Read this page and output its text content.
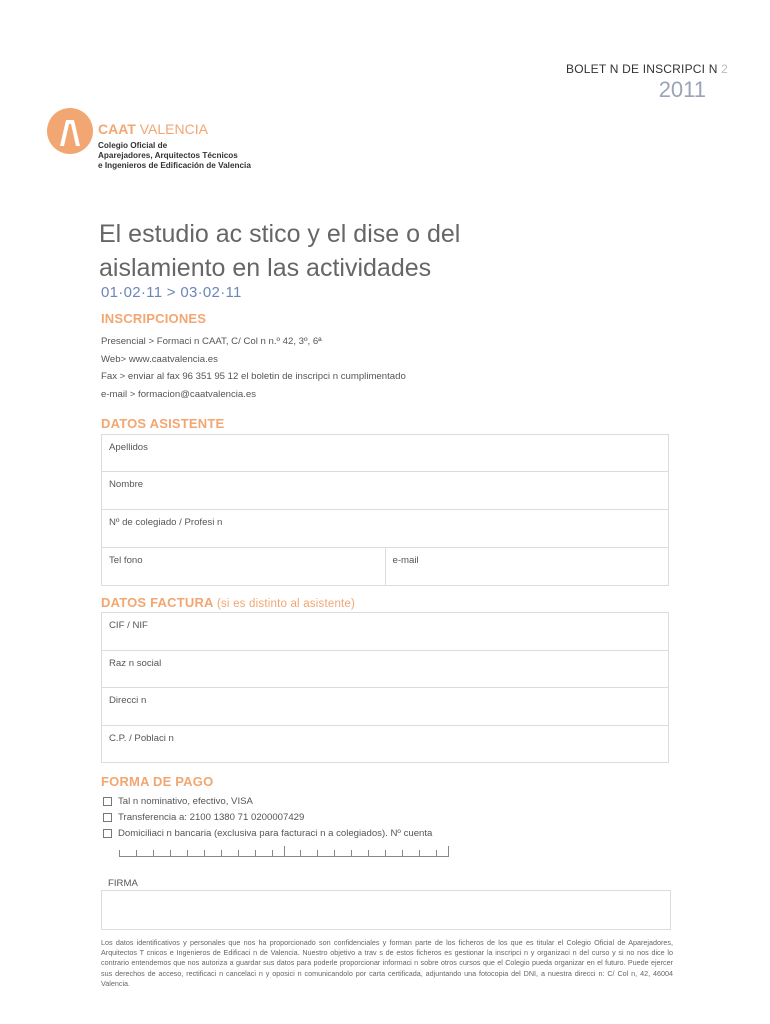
BOLET N DE INSCRIPCI N 2
2011
CAAT VALENCIA
Colegio Oficial de
Aparejadores, Arquitectos Técnicos
e Ingenieros de Edificación de Valencia
El estudio ac stico y el dise o del
aislamiento en las actividades
01·02·11 > 03·02·11
INSCRIPCIONES
Presencial > Formaci n CAAT, C/ Col n n.º 42, 3º, 6ª
Web> www.caatvalencia.es
Fax > enviar al fax 96 351 95 12 el boletin de inscripci n cumplimentado
e-mail > formacion@caatvalencia.es
DATOS ASISTENTE
Apellidos
Nombre
Nº de colegiado / Profesi n
Tel fono	e-mail
DATOS FACTURA (si es distinto al asistente)
CIF / NIF
Raz n social
Direcci n
C.P. / Poblaci n
FORMA DE PAGO
Tal n nominativo, efectivo, VISA
Transferencia a: 2100 1380 71 0200007429
Domiciliaci n bancaria (exclusiva para facturaci n a colegiados). Nº cuenta
FIRMA
Los datos identificativos y personales que nos ha proporcionado son confidenciales y forman parte de los ficheros de los que es titular el Colegio Oficial de Aparejadores, Arquitectos T cnicos e Ingenieros de Edificaci n de Valencia. Nuestro objetivo a trav s de estos ficheros es gestionar la inscripci n y organizaci n del curso y si no nos dice lo contrario entendemos que nos autoriza a guardar sus datos para poderle proporcionar informaci n sobre otros cursos que el Colegio pueda organizar en el futuro. Puede ejercer sus derechos de acceso, rectificaci n cancelaci n y oposici n comunicandolo por carta certificada, adjuntando una fotocopia del DNI, a nuestra direcci n: C/ Col n, 42, 46004 Valencia.
